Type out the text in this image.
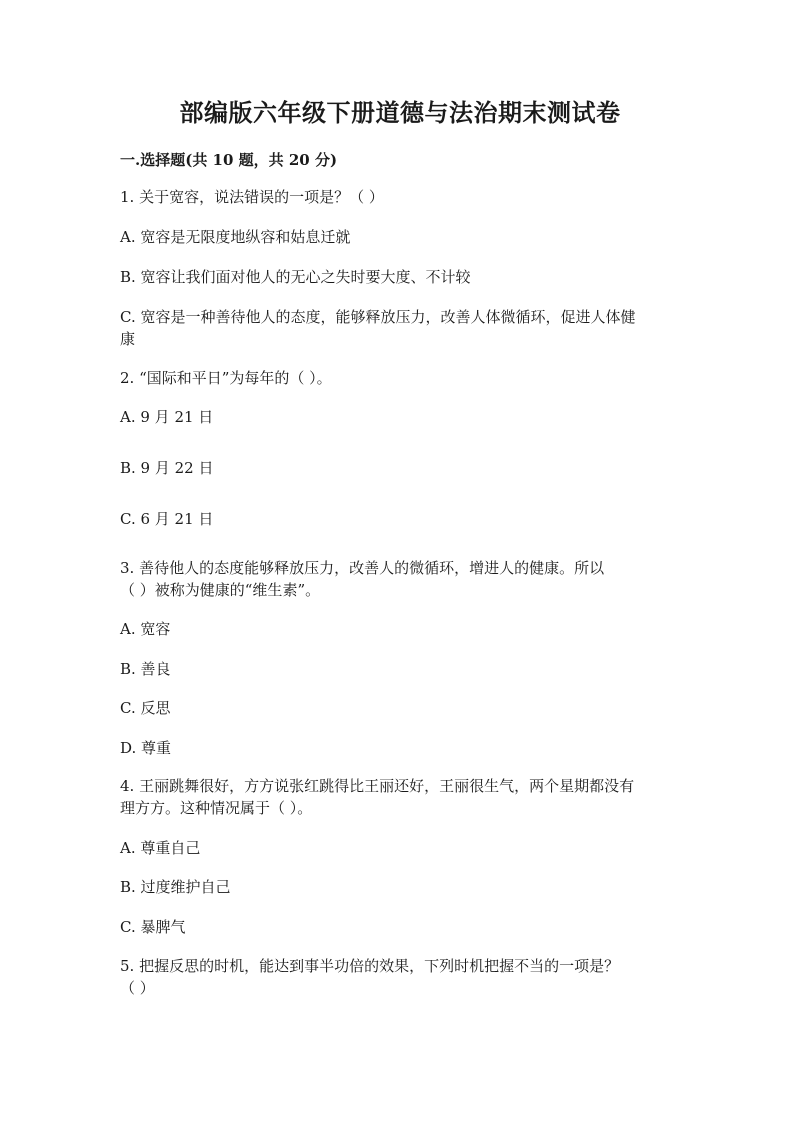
部编版六年级下册道德与法治期末测试卷
一.选择题(共 10 题，共 20 分)
1. 关于宽容，说法错误的一项是？（ ）
A. 宽容是无限度地纵容和姑息迁就
B. 宽容让我们面对他人的无心之失时要大度、不计较
C. 宽容是一种善待他人的态度，能够释放压力，改善人体微循环，促进人体健
康
2. “国际和平日”为每年的（ ）。
A. 9 月 21 日
B. 9 月 22 日
C. 6 月 21 日
3. 善待他人的态度能够释放压力，改善人的微循环，增进人的健康。所以
（ ）被称为健康的“维生素”。
A. 宽容
B. 善良
C. 反思
D. 尊重
4. 王丽跳舞很好，方方说张红跳得比王丽还好，王丽很生气，两个星期都没有
理方方。这种情况属于（ ）。
A. 尊重自己
B. 过度维护自己
C. 暴脾气
5. 把握反思的时机，能达到事半功倍的效果，下列时机把握不当的一项是？
（ ）
